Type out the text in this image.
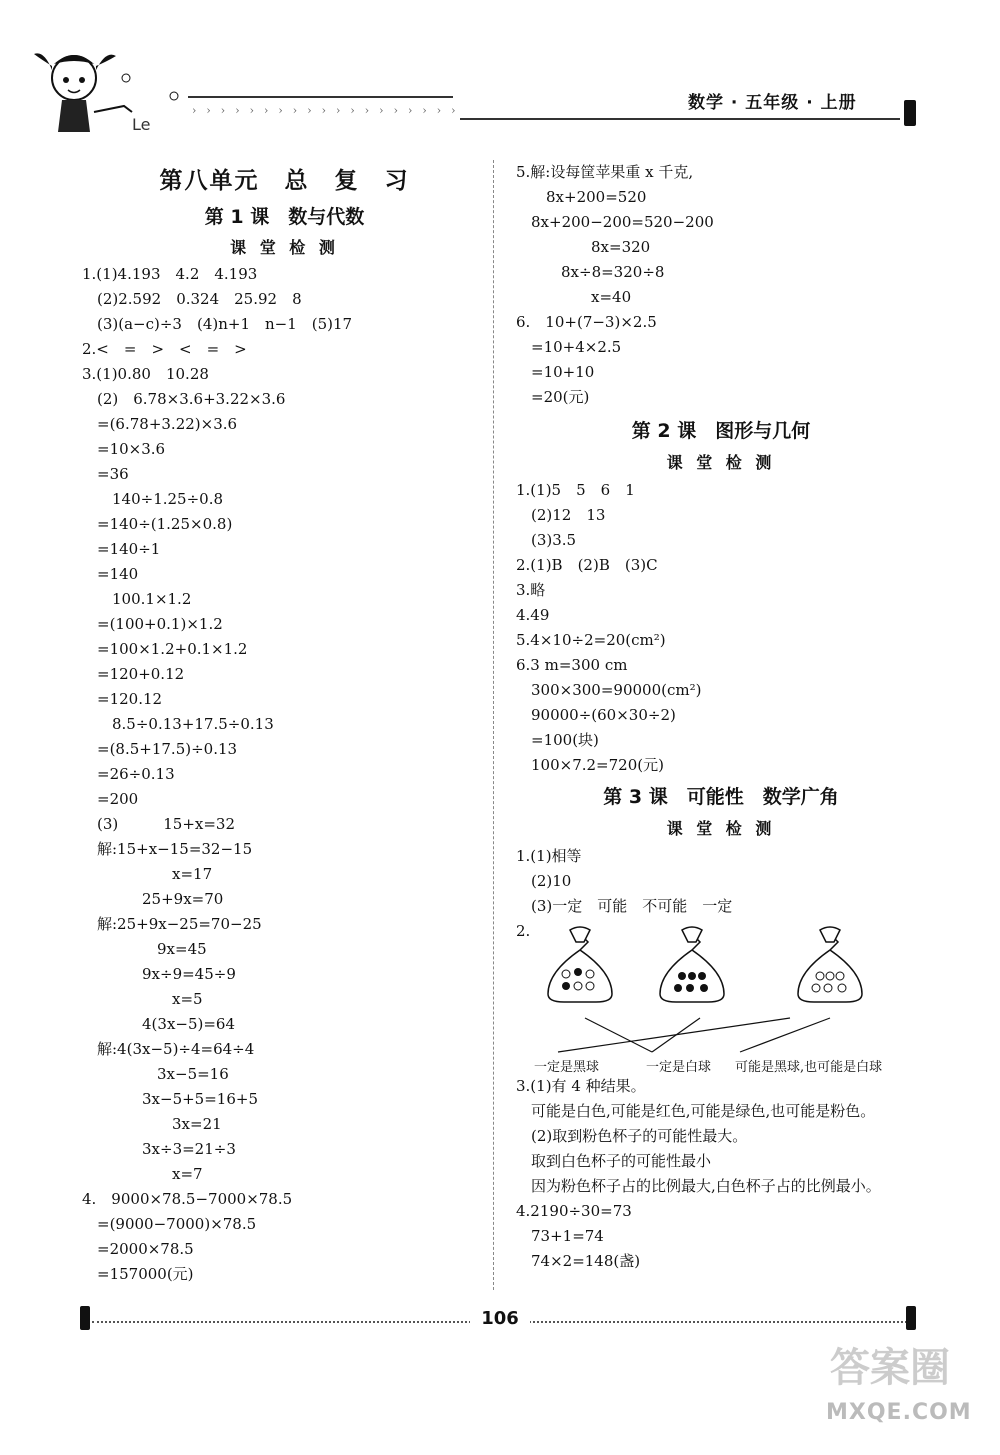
Le
›››››››››››››››››››	数学 · 五年级 · 上册
第八单元　总　复　习
第 1 课　数与代数
课 堂 检 测
1.(1)4.193　4.2　4.193
　(2)2.592　0.324　25.92　8
　(3)(a−c)÷3　(4)n+1　n−1　(5)17
2.<　=　>　<　=　>
3.(1)0.80　10.28
　(2)　6.78×3.6+3.22×3.6
　=(6.78+3.22)×3.6
　=10×3.6
　=36
　　140÷1.25÷0.8
　=140÷(1.25×0.8)
　=140÷1
　=140
　　100.1×1.2
　=(100+0.1)×1.2
　=100×1.2+0.1×1.2
　=120+0.12
　=120.12
　　8.5÷0.13+17.5÷0.13
　=(8.5+17.5)÷0.13
　=26÷0.13
　=200
　(3)　　　15+x=32
　解:15+x−15=32−15
　　　　　　x=17
　　　　25+9x=70
　解:25+9x−25=70−25
　　　　　9x=45
　　　　9x÷9=45÷9
　　　　　　x=5
　　　　4(3x−5)=64
　解:4(3x−5)÷4=64÷4
　　　　　3x−5=16
　　　　3x−5+5=16+5
　　　　　　3x=21
　　　　3x÷3=21÷3
　　　　　　x=7
4.　9000×78.5−7000×78.5
　=(9000−7000)×78.5
　=2000×78.5
　=157000(元)
5.解:设每筐苹果重 x 千克,
　　8x+200=520
　8x+200−200=520−200
　　　　　8x=320
　　　8x÷8=320÷8
　　　　　x=40
6.　10+(7−3)×2.5
　=10+4×2.5
　=10+10
　=20(元)
第 2 课　图形与几何
课 堂 检 测
1.(1)5　5　6　1
　(2)12　13
　(3)3.5
2.(1)B　(2)B　(3)C
3.略
4.49
5.4×10÷2=20(cm²)
6.3 m=300 cm
　300×300=90000(cm²)
　90000÷(60×30÷2)
　=100(块)
　100×7.2=720(元)
第 3 课　可能性　数学广角
课 堂 检 测
1.(1)相等
　(2)10
　(3)一定　可能　不可能　一定
2.
一定是黑球	一定是白球 可能是黑球,也可能是白球
3.(1)有 4 种结果。
　可能是白色,可能是红色,可能是绿色,也可能是粉色。
　(2)取到粉色杯子的可能性最大。
　取到白色杯子的可能性最小
　因为粉色杯子占的比例最大,白色杯子占的比例最小。
4.2190÷30=73
　73+1=74
　74×2=148(盏)
106
答案圈
MXQE.COM
